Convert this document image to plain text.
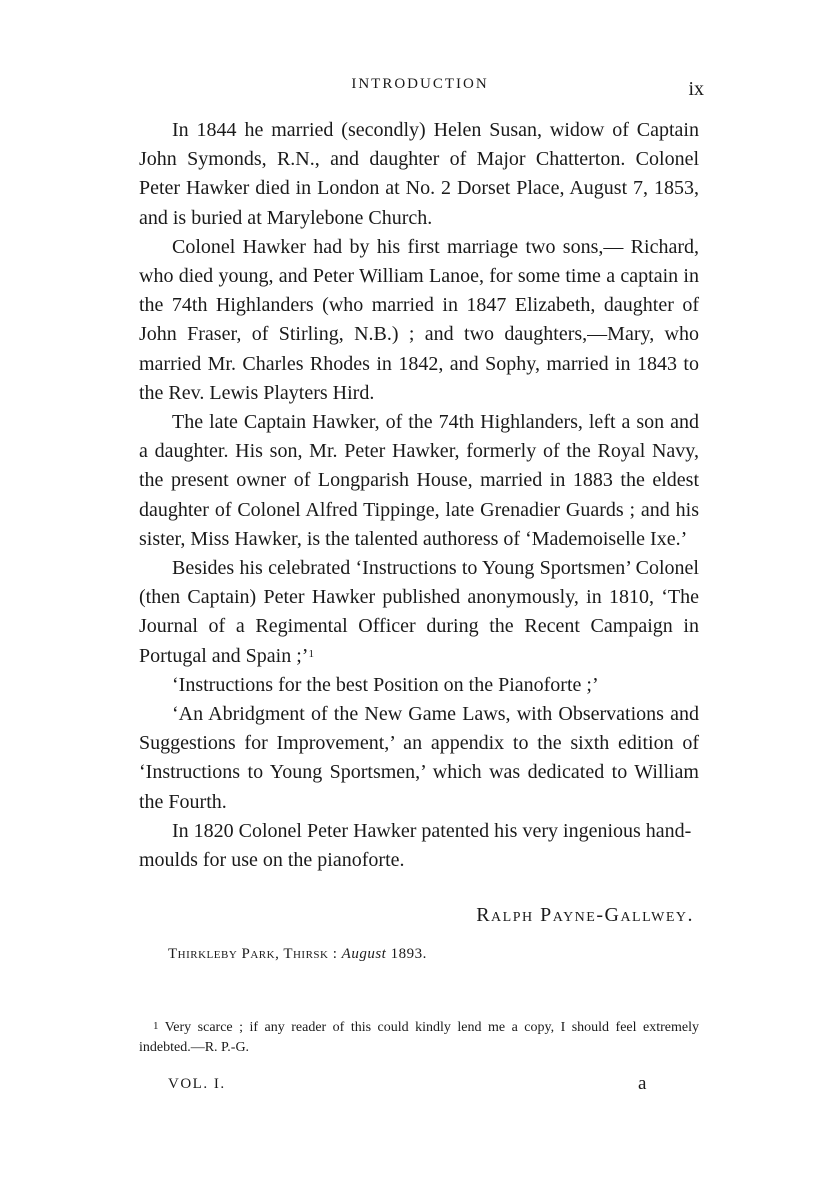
INTRODUCTION	ix

In 1844 he married (secondly) Helen Susan, widow of Captain John Symonds, R.N., and daughter of Major Chatterton. Colonel Peter Hawker died in London at No. 2 Dorset Place, August 7, 1853, and is buried at Marylebone Church.

Colonel Hawker had by his first marriage two sons,— Richard, who died young, and Peter William Lanoe, for some time a captain in the 74th Highlanders (who married in 1847 Elizabeth, daughter of John Fraser, of Stirling, N.B.) ; and two daughters,—Mary, who married Mr. Charles Rhodes in 1842, and Sophy, married in 1843 to the Rev. Lewis Playters Hird.

The late Captain Hawker, of the 74th Highlanders, left a son and a daughter. His son, Mr. Peter Hawker, formerly of the Royal Navy, the present owner of Longparish House, married in 1883 the eldest daughter of Colonel Alfred Tippinge, late Grenadier Guards ; and his sister, Miss Hawker, is the talented authoress of ‘Mademoiselle Ixe.’

Besides his celebrated ‘Instructions to Young Sportsmen’ Colonel (then Captain) Peter Hawker published anonymously, in 1810, ‘The Journal of a Regimental Officer during the Recent Campaign in Portugal and Spain ;’$^1$

‘Instructions for the best Position on the Pianoforte ;’

‘An Abridgment of the New Game Laws, with Observations and Suggestions for Improvement,’ an appendix to the sixth edition of ‘Instructions to Young Sportsmen,’ which was dedicated to William the Fourth.

In 1820 Colonel Peter Hawker patented his very ingenious hand-moulds for use on the pianoforte.

Ralph Payne-Gallwey.
Thirkleby Park, Thirsk : August 1893.
$^1$ Very scarce ; if any reader of this could kindly lend me a copy, I should feel extremely indebted.—R. P.-G.
VOL. I.	a
